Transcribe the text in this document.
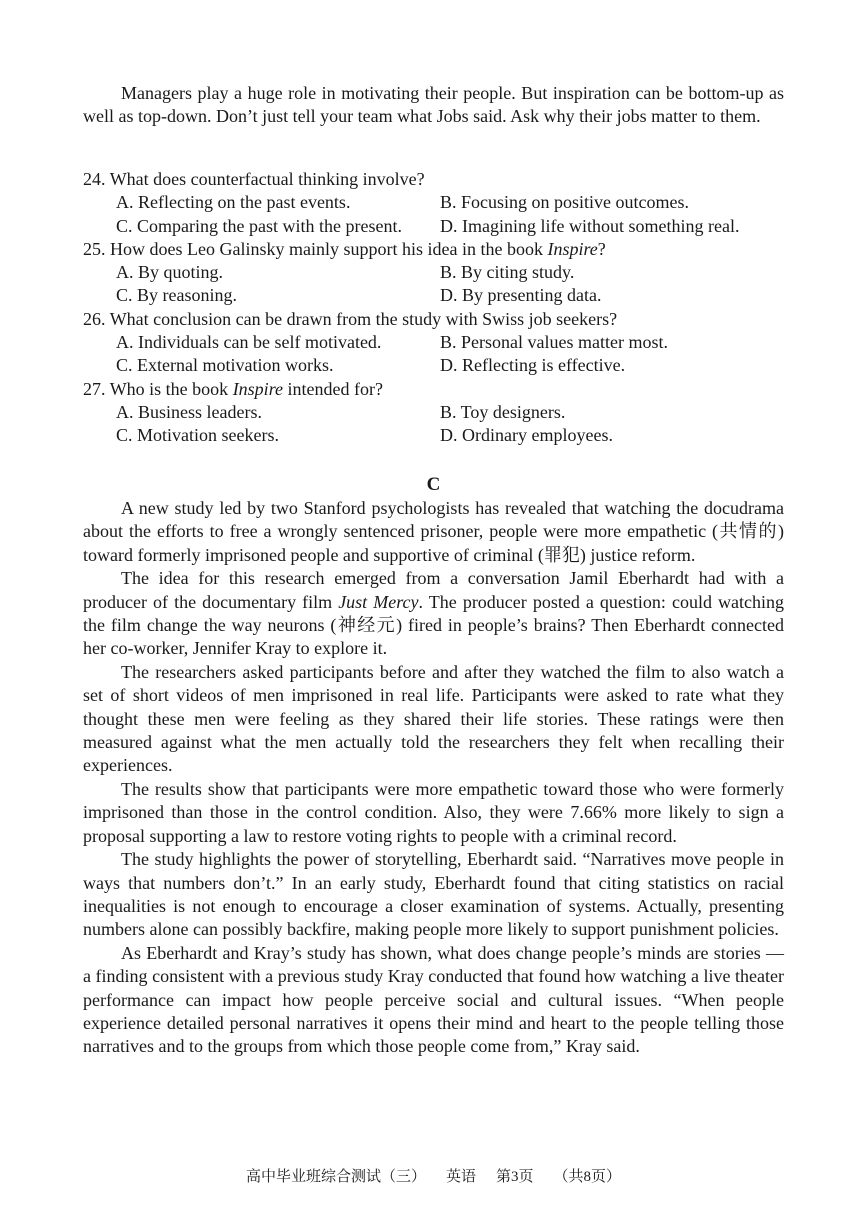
Managers play a huge role in motivating their people. But inspiration can be bottom-up as well as top-down. Don’t just tell your team what Jobs said. Ask why their jobs matter to them.

24. What does counterfactual thinking involve?
A. Reflecting on the past events.	B. Focusing on positive outcomes.
C. Comparing the past with the present.	D. Imagining life without something real.
25. How does Leo Galinsky mainly support his idea in the book Inspire?
A. By quoting.	B. By citing study.
C. By reasoning.	D. By presenting data.
26. What conclusion can be drawn from the study with Swiss job seekers?
A. Individuals can be self motivated.	B. Personal values matter most.
C. External motivation works.	D. Reflecting is effective.
27. Who is the book Inspire intended for?
A. Business leaders.	B. Toy designers.
C. Motivation seekers.	D. Ordinary employees.
C

A new study led by two Stanford psychologists has revealed that watching the docudrama about the efforts to free a wrongly sentenced prisoner, people were more empathetic (共情的) toward formerly imprisoned people and supportive of criminal (罪犯) justice reform.

The idea for this research emerged from a conversation Jamil Eberhardt had with a producer of the documentary film Just Mercy. The producer posted a question: could watching the film change the way neurons (神经元) fired in people’s brains? Then Eberhardt connected her co-worker, Jennifer Kray to explore it.

The researchers asked participants before and after they watched the film to also watch a set of short videos of men imprisoned in real life. Participants were asked to rate what they thought these men were feeling as they shared their life stories. These ratings were then measured against what the men actually told the researchers they felt when recalling their experiences.

The results show that participants were more empathetic toward those who were formerly imprisoned than those in the control condition. Also, they were 7.66% more likely to sign a proposal supporting a law to restore voting rights to people with a criminal record.

The study highlights the power of storytelling, Eberhardt said. “Narratives move people in ways that numbers don’t.” In an early study, Eberhardt found that citing statistics on racial inequalities is not enough to encourage a closer examination of systems. Actually, presenting numbers alone can possibly backfire, making people more likely to support punishment policies.

As Eberhardt and Kray’s study has shown, what does change people’s minds are stories — a finding consistent with a previous study Kray conducted that found how watching a live theater performance can impact how people perceive social and cultural issues. “When people experience detailed personal narratives it opens their mind and heart to the people telling those narratives and to the groups from which those people come from,” Kray said.

高中毕业班综合测试（三） 英语 第3页 （共8页）
